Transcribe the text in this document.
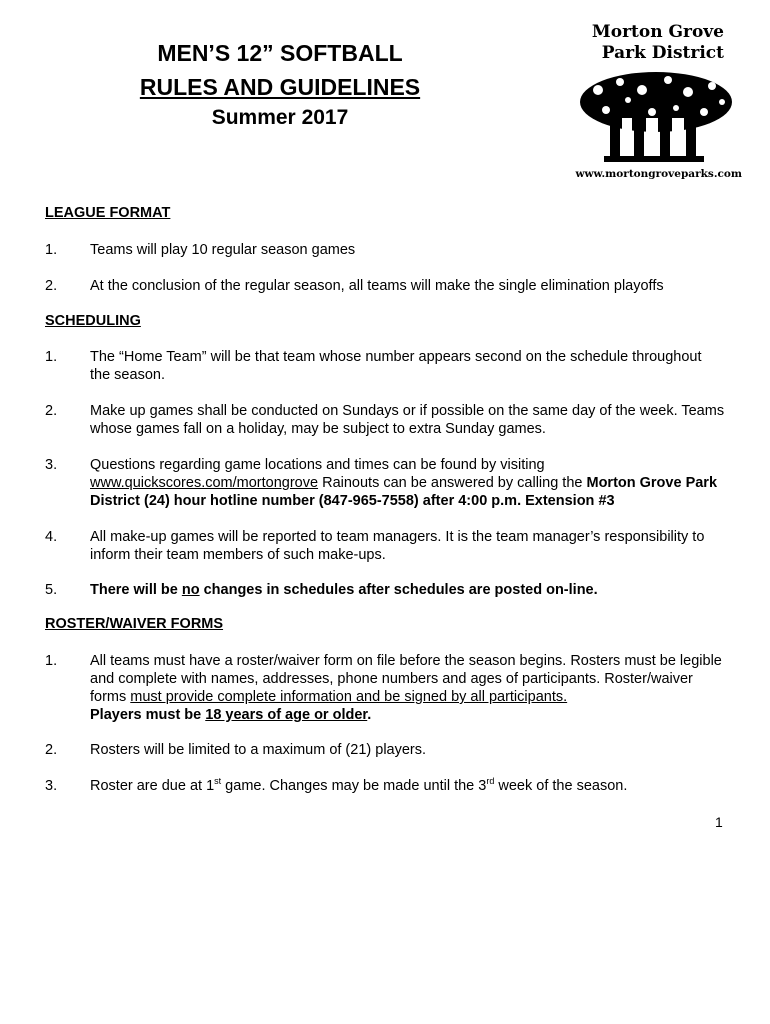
MEN’S 12” SOFTBALL
RULES AND GUIDELINES
Summer 2017
Morton Grove
Park District
www.mortongroveparks.com
LEAGUE FORMAT
1. Teams will play 10 regular season games
2. At the conclusion of the regular season, all teams will make the single elimination playoffs
SCHEDULING
1. The “Home Team” will be that team whose number appears second on the schedule throughout the season.
2. Make up games shall be conducted on Sundays or if possible on the same day of the week. Teams whose games fall on a holiday, may be subject to extra Sunday games.
3. Questions regarding game locations and times can be found by visiting
www.quickscores.com/mortongrove Rainouts can be answered by calling the Morton Grove Park District (24) hour hotline number (847-965-7558) after 4:00 p.m. Extension #3
4. All make-up games will be reported to team managers. It is the team manager’s responsibility to inform their team members of such make-ups.
5. There will be no changes in schedules after schedules are posted on-line.
ROSTER/WAIVER FORMS
1. All teams must have a roster/waiver form on file before the season begins. Rosters must be legible and complete with names, addresses, phone numbers and ages of participants. Roster/waiver forms must provide complete information and be signed by all participants.
Players must be 18 years of age or older.
2. Rosters will be limited to a maximum of (21) players.
3. Roster are due at 1st game. Changes may be made until the 3rd week of the season.
1
